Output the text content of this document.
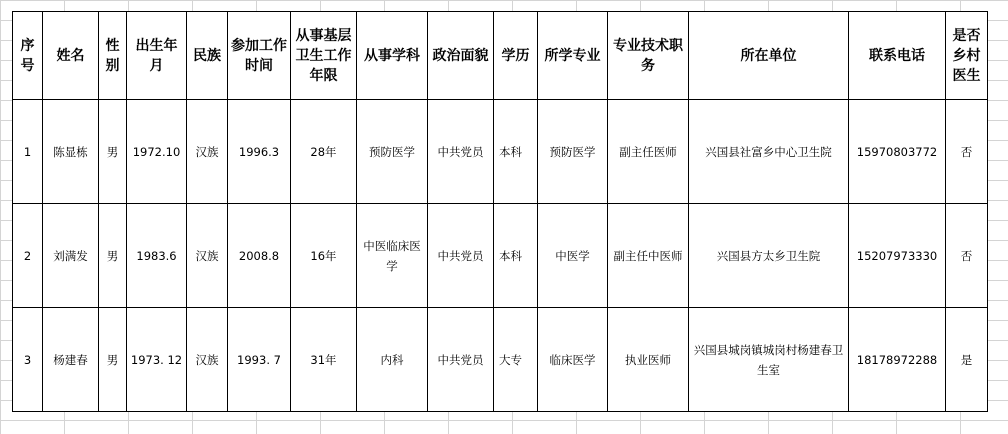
序号	姓名	性别	出生年月	民族	参加工作时间	从事基层卫生工作年限	从事学科	政治面貌	学历	所学专业	专业技术职务	所在单位	联系电话	是否乡村医生
1	陈显栋	男	1972.10	汉族	1996.3	28年	预防医学	中共党员	本科	预防医学	副主任医师	兴国县社富乡中心卫生院	15970803772	否
2	刘满发	男	1983.6	汉族	2008.8	16年	中医临床医学	中共党员	本科	中医学	副主任中医师	兴国县方太乡卫生院	15207973330	否
3	杨建春	男	1973. 12	汉族	1993. 7	31年	内科	中共党员	大专	临床医学	执业医师	兴国县城岗镇城岗村杨建春卫生室	18178972288	是
